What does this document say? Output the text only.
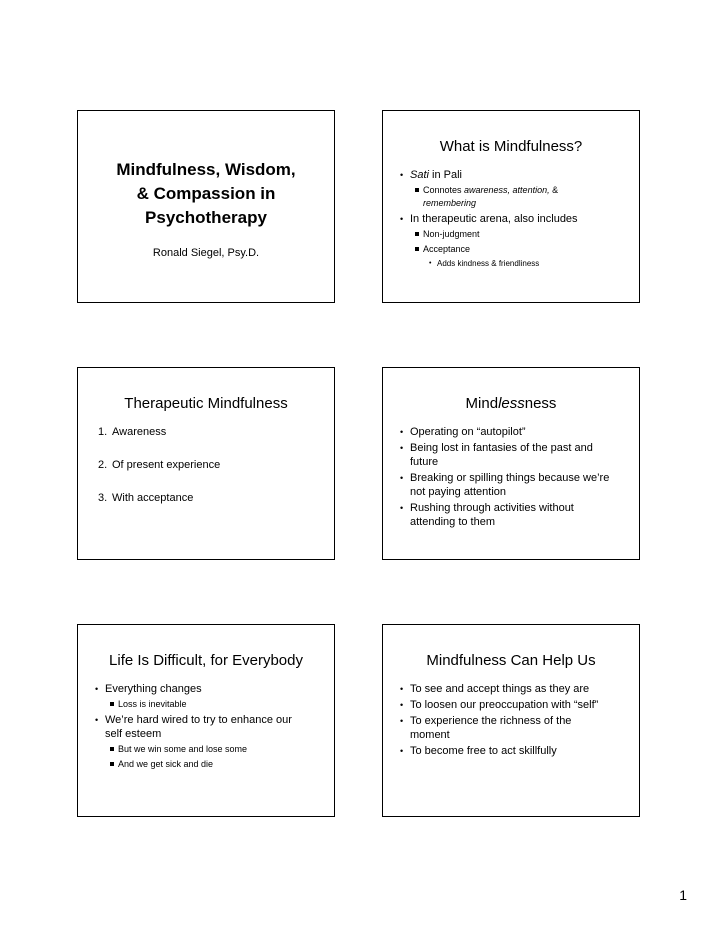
Mindfulness, Wisdom,
& Compassion in
Psychotherapy
Ronald Siegel, Psy.D.
What is Mindfulness?
• Sati in Pali
Connotes awareness, attention, &
remembering
• In therapeutic arena, also includes
Non-judgment
Acceptance
• Adds kindness & friendliness
Therapeutic Mindfulness
1. Awareness
2. Of present experience
3. With acceptance
Mindlessness
• Operating on “autopilot”
• Being lost in fantasies of the past and future
• Breaking or spilling things because we’re not paying attention
• Rushing through activities without attending to them
Life Is Difficult, for Everybody
• Everything changes
Loss is inevitable
• We’re hard wired to try to enhance our self esteem
But we win some and lose some
And we get sick and die
Mindfulness Can Help Us
• To see and accept things as they are
• To loosen our preoccupation with “self”
• To experience the richness of the moment
• To become free to act skillfully
1
